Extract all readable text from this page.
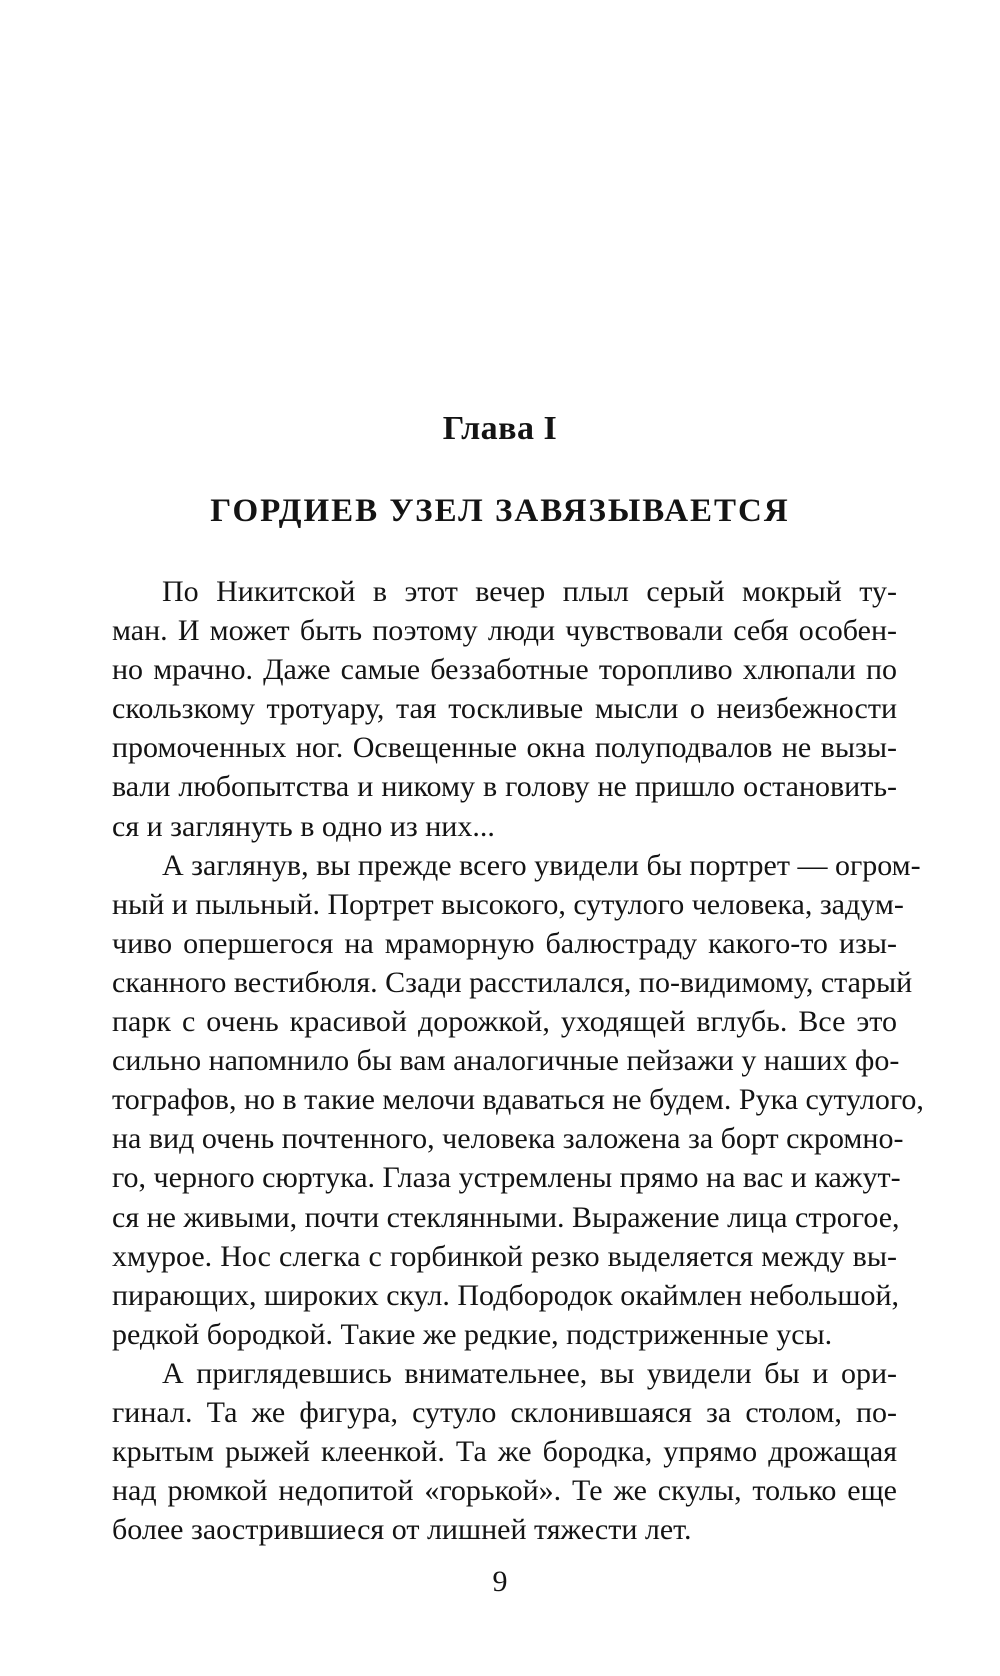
Глава I
ГОРДИЕВ УЗЕЛ ЗАВЯЗЫВАЕТСЯ
По Никитской в этот вечер плыл серый мокрый ту-
ман. И может быть поэтому люди чувствовали себя особен-
но мрачно. Даже самые беззаботные торопливо хлюпали по
скользкому тротуару, тая тоскливые мысли о неизбежности
промоченных ног. Освещенные окна полуподвалов не вызы-
вали любопытства и никому в голову не пришло остановить-
ся и заглянуть в одно из них...
А заглянув, вы прежде всего увидели бы портрет — огром-
ный и пыльный. Портрет высокого, сутулого человека, задум-
чиво опершегося на мраморную балюстраду какого-то изы-
сканного вестибюля. Сзади расстилался, по-видимому, старый
парк с очень красивой дорожкой, уходящей вглубь. Все это
сильно напомнило бы вам аналогичные пейзажи у наших фо-
тографов, но в такие мелочи вдаваться не будем. Рука сутулого,
на вид очень почтенного, человека заложена за борт скромно-
го, черного сюртука. Глаза устремлены прямо на вас и кажут-
ся не живыми, почти стеклянными. Выражение лица строгое,
хмурое. Нос слегка с горбинкой резко выделяется между вы-
пирающих, широких скул. Подбородок окаймлен небольшой,
редкой бородкой. Такие же редкие, подстриженные усы.
А приглядевшись внимательнее, вы увидели бы и ори-
гинал. Та же фигура, сутуло склонившаяся за столом, по-
крытым рыжей клеенкой. Та же бородка, упрямо дрожащая
над рюмкой недопитой «горькой». Те же скулы, только еще
более заострившиеся от лишней тяжести лет.
9
